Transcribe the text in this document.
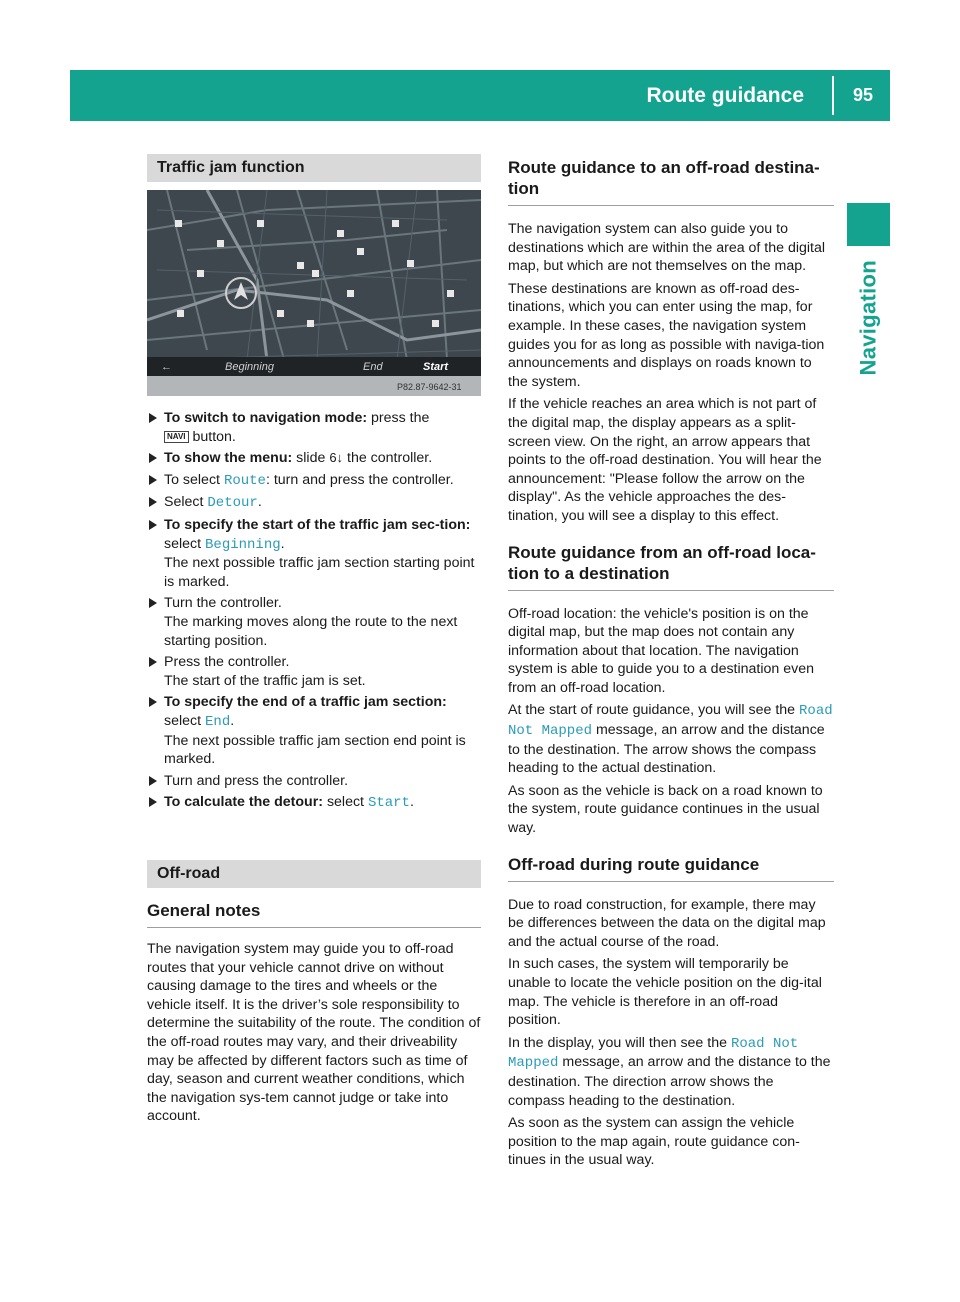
Route guidance	95
Navigation
Traffic jam function
←	Beginning	End	Start
P82.87-9642-31
To switch to navigation mode: press the
NAVI button.
To show the menu: slide 6↓ the controller.
To select Route: turn and press the controller.
Select Detour.
To specify the start of the traffic jam sec-tion: select Beginning.
The next possible traffic jam section starting point is marked.
Turn the controller.
The marking moves along the route to the next starting position.
Press the controller.
The start of the traffic jam is set.
To specify the end of a traffic jam section:
select End.
The next possible traffic jam section end point is marked.
Turn and press the controller.
To calculate the detour: select Start.
Off-road
General notes

The navigation system may guide you to off-road routes that your vehicle cannot drive on without causing damage to the tires and wheels or the vehicle itself. It is the driver’s sole responsibility to determine the suitability of the route. The condition of the off-road routes may vary, and their driveability may be affected by different factors such as time of day, season and current weather conditions, which the navigation sys-tem cannot judge or take into account.

Route guidance to an off-road destina-tion

The navigation system can also guide you to destinations which are within the area of the digital map, but which are not themselves on the map.

These destinations are known as off-road des-tinations, which you can enter using the map, for example. In these cases, the navigation system guides you for as long as possible with naviga-tion announcements and displays on roads known to the system.

If the vehicle reaches an area which is not part of the digital map, the display appears as a split-screen view. On the right, an arrow appears that points to the off-road destination. You will hear the announcement: "Please follow the arrow on the display". As the vehicle approaches the des-tination, you will see a display to this effect.

Route guidance from an off-road loca-tion to a destination

Off-road location: the vehicle's position is on the digital map, but the map does not contain any information about that location. The navigation system is able to guide you to a destination even from an off-road location.

At the start of route guidance, you will see the Road Not Mapped message, an arrow and the distance to the destination. The arrow shows the compass heading to the actual destination.

As soon as the vehicle is back on a road known to the system, route guidance continues in the usual way.

Off-road during route guidance

Due to road construction, for example, there may be differences between the data on the digital map and the actual course of the road.

In such cases, the system will temporarily be unable to locate the vehicle position on the dig-ital map. The vehicle is therefore in an off-road position.

In the display, you will then see the Road Not Mapped message, an arrow and the distance to the destination. The direction arrow shows the compass heading to the destination.

As soon as the system can assign the vehicle position to the map again, route guidance con-tinues in the usual way.
